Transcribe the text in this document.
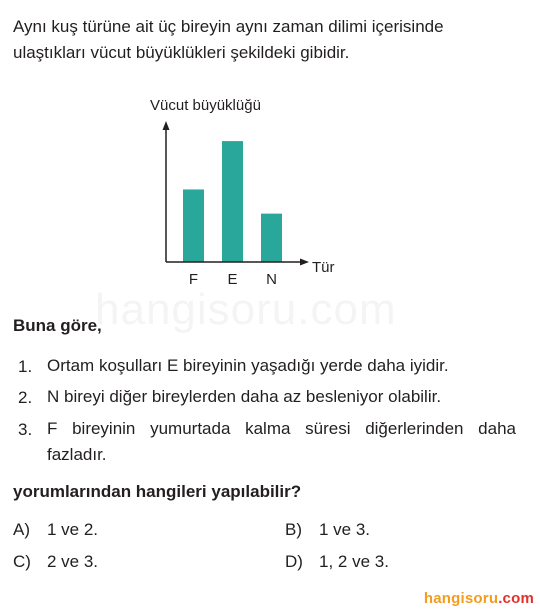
Aynı kuş türüne ait üç bireyin aynı zaman dilimi içerisinde
ulaştıkları vücut büyüklükleri şekildeki gibidir.
Vücut büyüklüğü
Tür
F E N
Buna göre,
1. Ortam koşulları E bireyinin yaşadığı yerde daha iyidir.
2. N bireyi diğer bireylerden daha az besleniyor olabilir.
3. F bireyinin yumurtada kalma süresi diğerlerinden daha fazladır.
yorumlarından hangileri yapılabilir?
A) 1 ve 2.	B) 1 ve 3.
C) 2 ve 3.	D) 1, 2 ve 3.
hangisoru.com
